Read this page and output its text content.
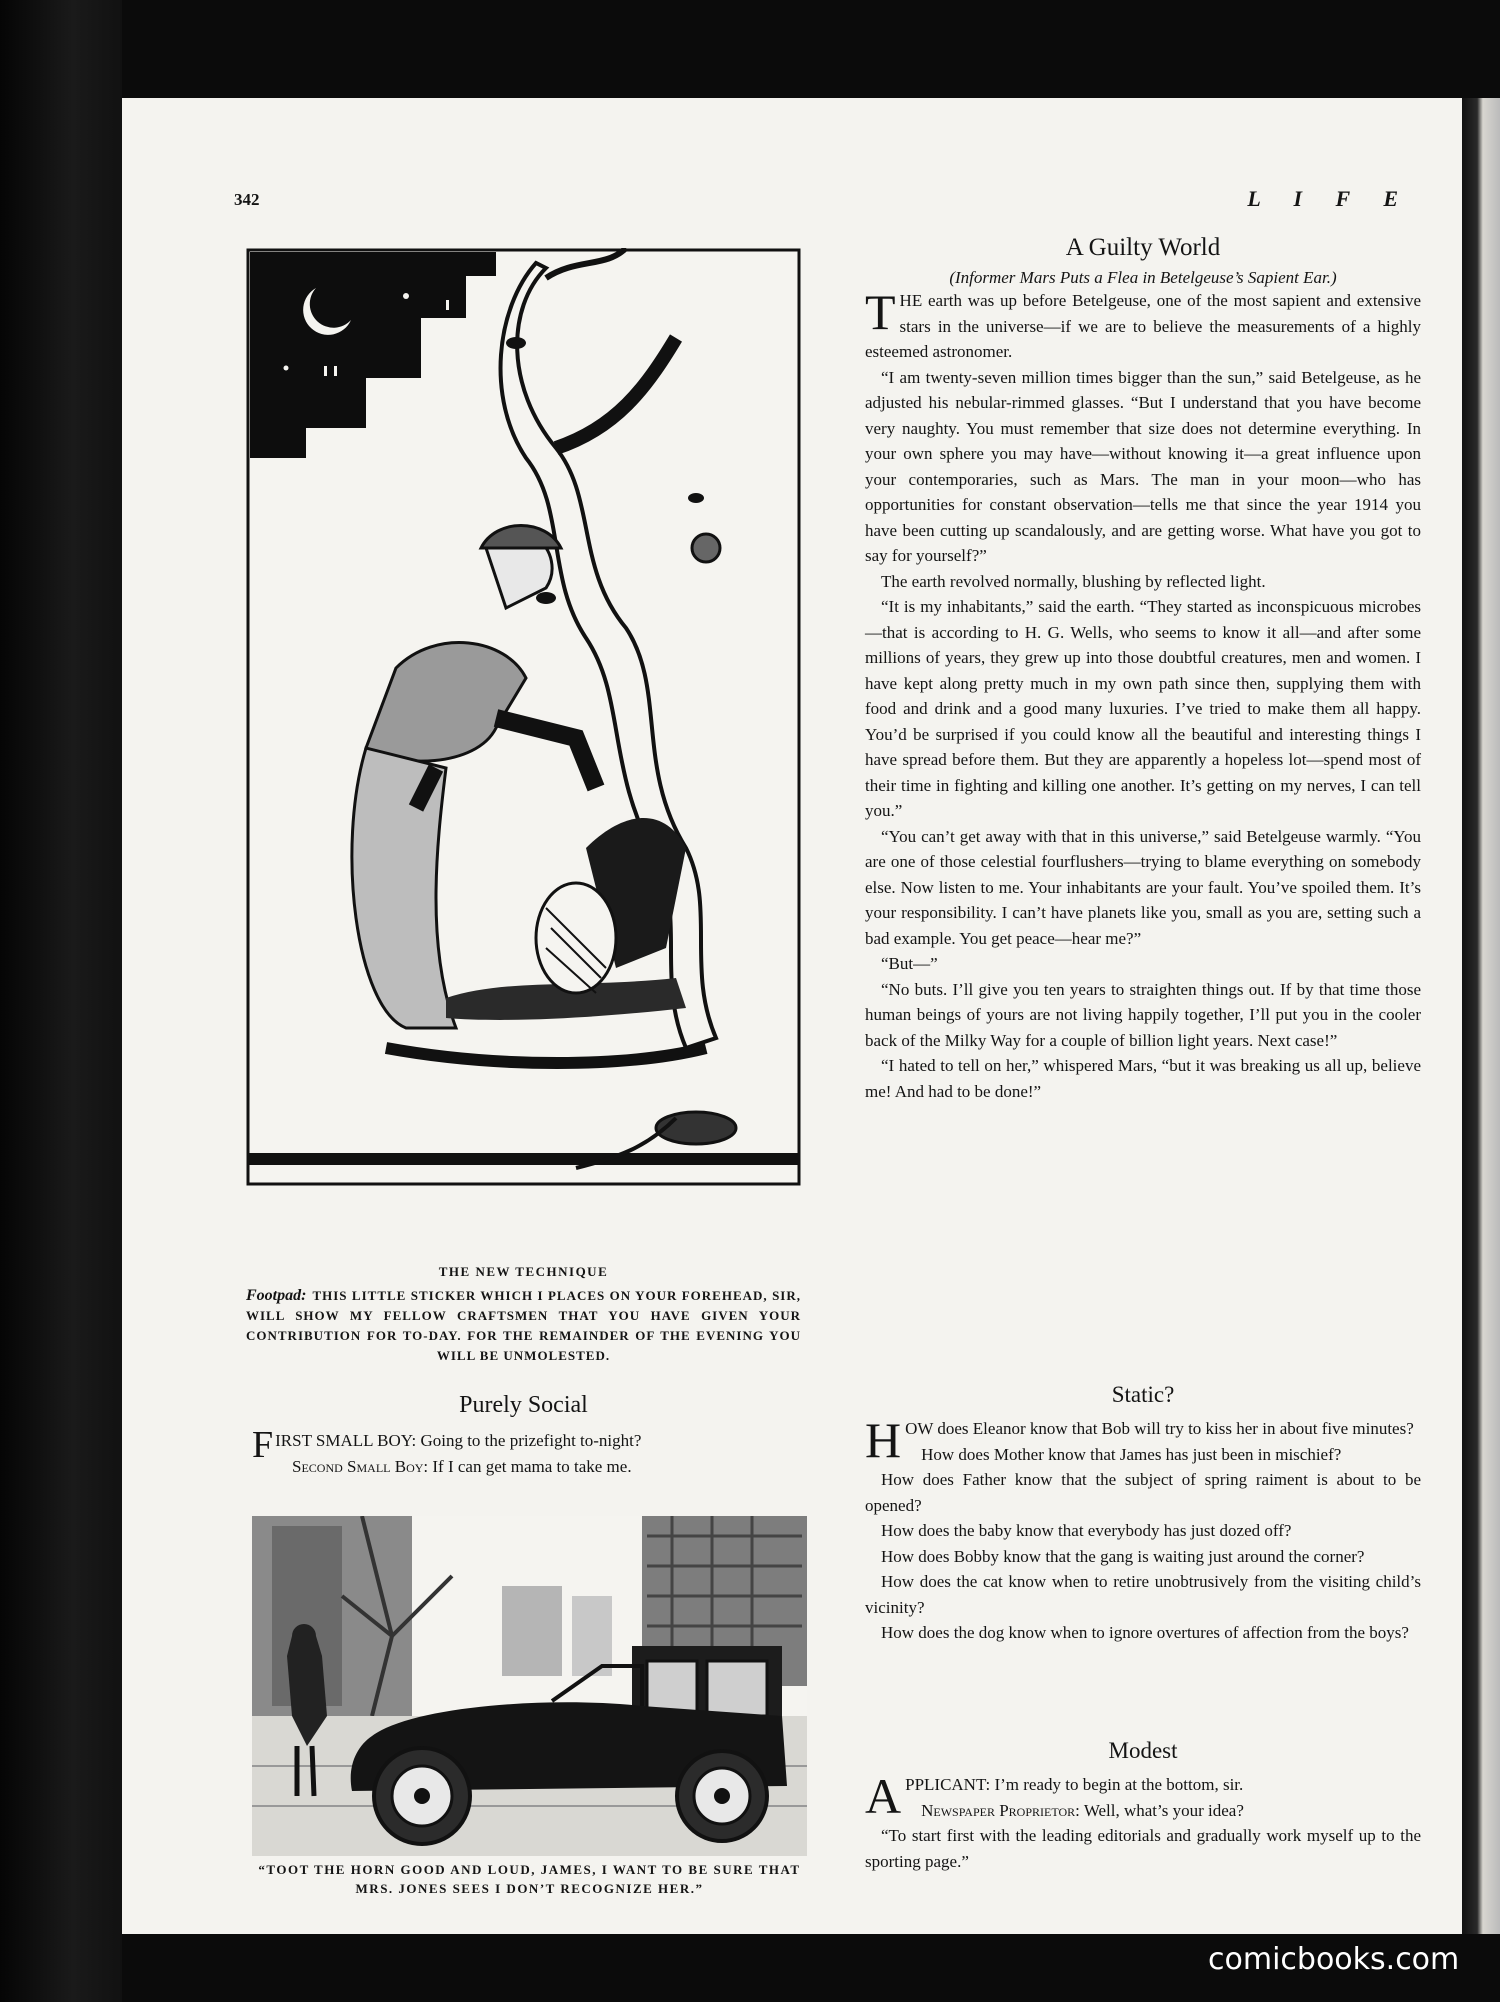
342	L I F E
THE NEW TECHNIQUE
Footpad: THIS LITTLE STICKER WHICH I PLACES ON YOUR FOREHEAD, SIR, WILL SHOW MY FELLOW CRAFTSMEN THAT YOU HAVE GIVEN YOUR CONTRIBUTION FOR TO-DAY. FOR THE REMAINDER OF THE EVENING YOU WILL BE UNMOLESTED.
Purely Social
FIRST SMALL BOY: Going to the prizefight to-night?
Second Small Boy: If I can get mama to take me.
“TOOT THE HORN GOOD AND LOUD, JAMES, I WANT TO BE SURE THAT MRS. JONES SEES I DON’T RECOGNIZE HER.”
A Guilty World
(Informer Mars Puts a Flea in Betelgeuse’s Sapient Ear.)

THE earth was up before Betelgeuse, one of the most sapient and extensive stars in the universe—if we are to believe the measurements of a highly esteemed astronomer.

“I am twenty-seven million times bigger than the sun,” said Betelgeuse, as he adjusted his nebular-rimmed glasses. “But I understand that you have become very naughty. You must remember that size does not determine everything. In your own sphere you may have—without knowing it—a great influence upon your contemporaries, such as Mars. The man in your moon—who has opportunities for constant observation—tells me that since the year 1914 you have been cutting up scandalously, and are getting worse. What have you got to say for yourself?”

The earth revolved normally, blushing by reflected light.

“It is my inhabitants,” said the earth. “They started as inconspicuous microbes—that is according to H. G. Wells, who seems to know it all—and after some millions of years, they grew up into those doubtful creatures, men and women. I have kept along pretty much in my own path since then, supplying them with food and drink and a good many luxuries. I’ve tried to make them all happy. You’d be surprised if you could know all the beautiful and interesting things I have spread before them. But they are apparently a hopeless lot—spend most of their time in fighting and killing one another. It’s getting on my nerves, I can tell you.”

“You can’t get away with that in this universe,” said Betelgeuse warmly. “You are one of those celestial fourflushers—trying to blame everything on somebody else. Now listen to me. Your inhabitants are your fault. You’ve spoiled them. It’s your responsibility. I can’t have planets like you, small as you are, setting such a bad example. You get peace—hear me?”

“But—”

“No buts. I’ll give you ten years to straighten things out. If by that time those human beings of yours are not living happily together, I’ll put you in the cooler back of the Milky Way for a couple of billion light years. Next case!”

“I hated to tell on her,” whispered Mars, “but it was breaking us all up, believe me! And had to be done!”

Static?

HOW does Eleanor know that Bob will try to kiss her in about five minutes?

How does Mother know that James has just been in mischief?

How does Father know that the subject of spring raiment is about to be opened?

How does the baby know that everybody has just dozed off?

How does Bobby know that the gang is waiting just around the corner?

How does the cat know when to retire unobtrusively from the visiting child’s vicinity?

How does the dog know when to ignore overtures of affection from the boys?

Modest

APPLICANT: I’m ready to begin at the bottom, sir.

Newspaper Proprietor: Well, what’s your idea?

“To start first with the leading editorials and gradually work myself up to the sporting page.”

comicbooks.com
